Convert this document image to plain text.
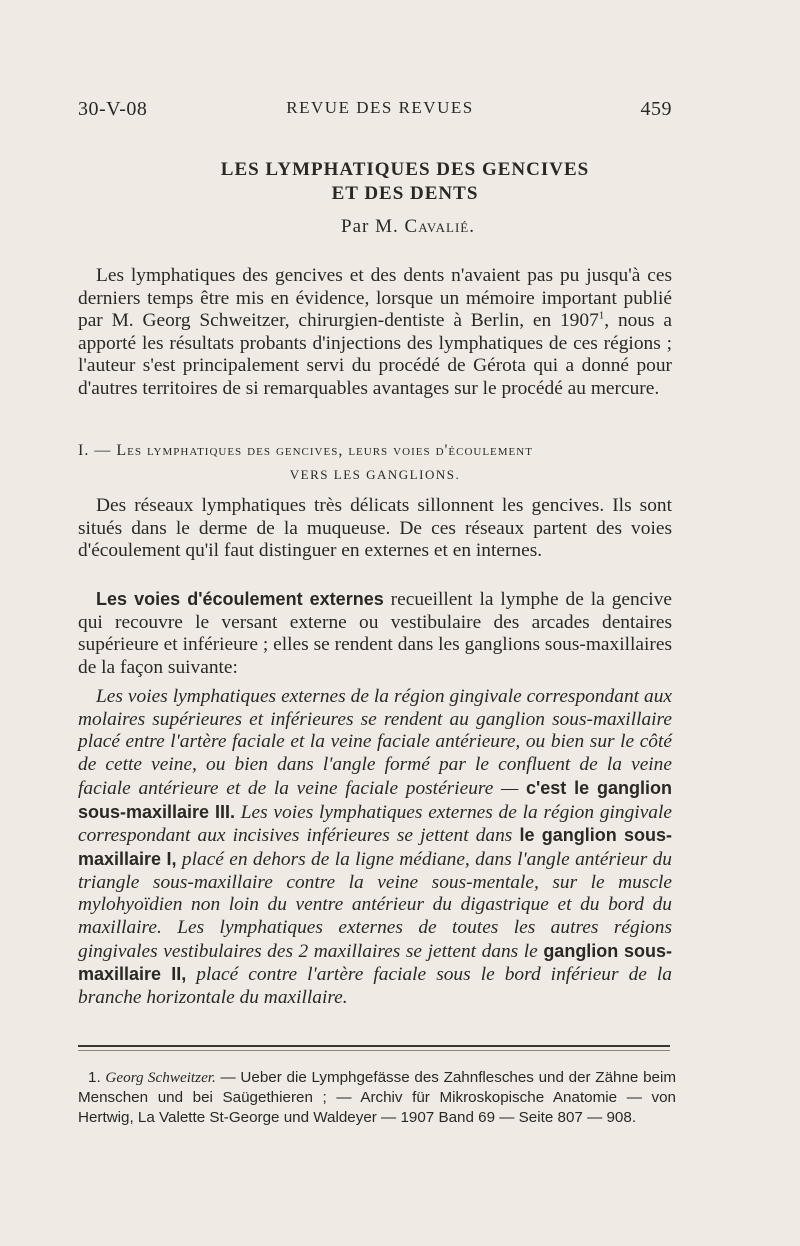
30-V-08	REVUE DES REVUES	459
LES LYMPHATIQUES DES GENCIVES
ET DES DENTS
Par M. Cavalié.

Les lymphatiques des gencives et des dents n'avaient pas pu jusqu'à ces derniers temps être mis en évidence, lorsque un mémoire important publié par M. Georg Schweitzer, chirurgien-dentiste à Berlin, en 1907$^1$, nous a apporté les résultats probants d'injections des lymphatiques de ces régions ; l'auteur s'est principalement servi du procédé de Gérota qui a donné pour d'autres territoires de si remarquables avantages sur le procédé au mercure.

I. — Les lymphatiques des gencives, leurs voies d'écoulement
VERS LES GANGLIONS.

Des réseaux lymphatiques très délicats sillonnent les gencives. Ils sont situés dans le derme de la muqueuse. De ces réseaux partent des voies d'écoulement qu'il faut distinguer en externes et en internes.

Les voies d'écoulement externes recueillent la lymphe de la gencive qui recouvre le versant externe ou vestibulaire des arcades dentaires supérieure et inférieure ; elles se rendent dans les ganglions sous-maxillaires de la façon suivante:

Les voies lymphatiques externes de la région gingivale correspondant aux molaires supérieures et inférieures se rendent au ganglion sous-maxillaire placé entre l'artère faciale et la veine faciale antérieure, ou bien sur le côté de cette veine, ou bien dans l'angle formé par le confluent de la veine faciale antérieure et de la veine faciale postérieure — c'est le ganglion sous-maxillaire III. Les voies lymphatiques externes de la région gingivale correspondant aux incisives inférieures se jettent dans le ganglion sous-maxillaire I, placé en dehors de la ligne médiane, dans l'angle antérieur du triangle sous-maxillaire contre la veine sous-mentale, sur le muscle mylohyoïdien non loin du ventre antérieur du digastrique et du bord du maxillaire. Les lymphatiques externes de toutes les autres régions gingivales vestibulaires des 2 maxillaires se jettent dans le ganglion sous-maxillaire II, placé contre l'artère faciale sous le bord inférieur de la branche horizontale du maxillaire.

1. Georg Schweitzer. — Ueber die Lymphgefässe des Zahnflesches und der Zähne beim Menschen und bei Saügethieren ; — Archiv für Mikroskopische Anatomie — von Hertwig, La Valette St-George und Waldeyer — 1907 Band 69 — Seite 807 — 908.
